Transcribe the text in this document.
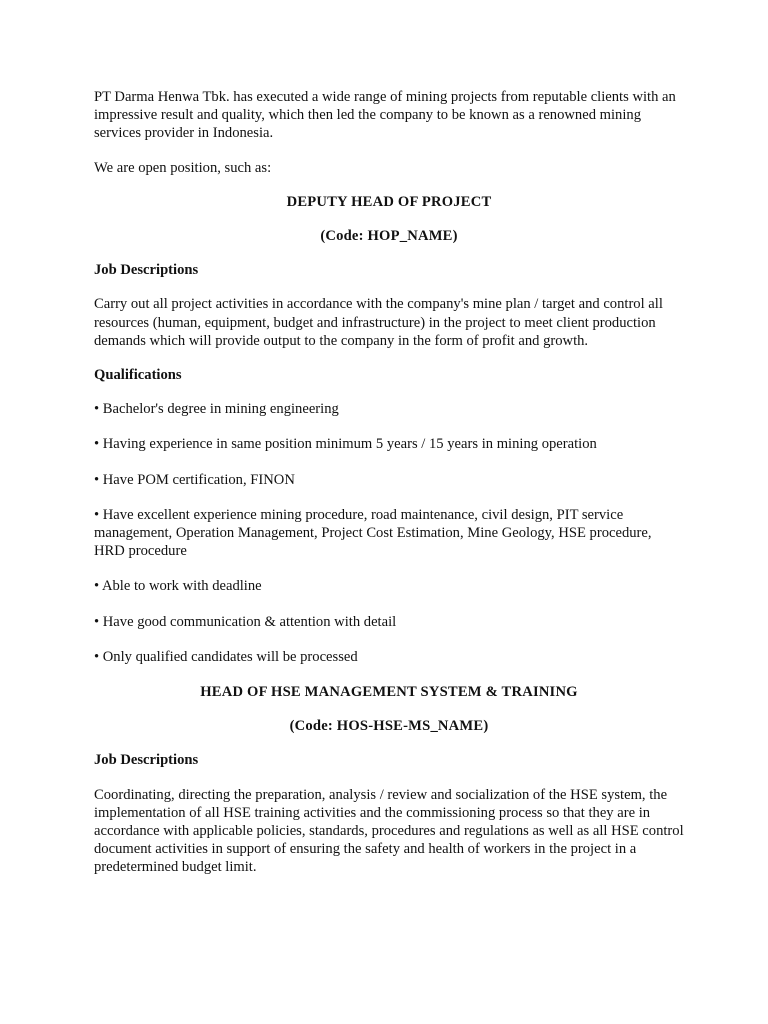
PT Darma Henwa Tbk. has executed a wide range of mining projects from reputable clients with an impressive result and quality, which then led the company to be known as a renowned mining services provider in Indonesia.

We are open position, such as:

DEPUTY HEAD OF PROJECT

(Code: HOP_NAME)

Job Descriptions

Carry out all project activities in accordance with the company's mine plan / target and control all resources (human, equipment, budget and infrastructure) in the project to meet client production demands which will provide output to the company in the form of profit and growth.

Qualifications

• Bachelor's degree in mining engineering

• Having experience in same position minimum 5 years / 15 years in mining operation

• Have POM certification, FINON

• Have excellent experience mining procedure, road maintenance, civil design, PIT service management, Operation Management, Project Cost Estimation, Mine Geology, HSE procedure, HRD procedure

• Able to work with deadline

• Have good communication & attention with detail

• Only qualified candidates will be processed

HEAD OF HSE MANAGEMENT SYSTEM & TRAINING

(Code: HOS-HSE-MS_NAME)

Job Descriptions

Coordinating, directing the preparation, analysis / review and socialization of the HSE system, the implementation of all HSE training activities and the commissioning process so that they are in accordance with applicable policies, standards, procedures and regulations as well as all HSE control document activities in support of ensuring the safety and health of workers in the project in a predetermined budget limit.
